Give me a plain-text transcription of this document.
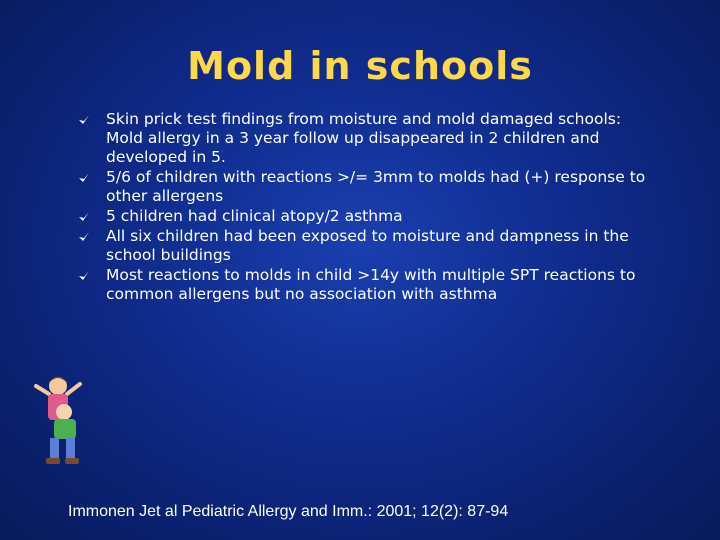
Mold in schools
Skin prick test findings from moisture and mold damaged schools: Mold allergy in a 3 year follow up disappeared in 2 children and developed in 5.
5/6 of children with reactions >/= 3mm to molds had (+) response to other allergens
5 children had clinical atopy/2 asthma
All six children had been exposed to moisture and dampness in the school buildings
Most reactions to molds in child >14y with multiple SPT reactions to common allergens but no association with asthma
Immonen Jet al Pediatric Allergy and Imm.: 2001; 12(2): 87-94
